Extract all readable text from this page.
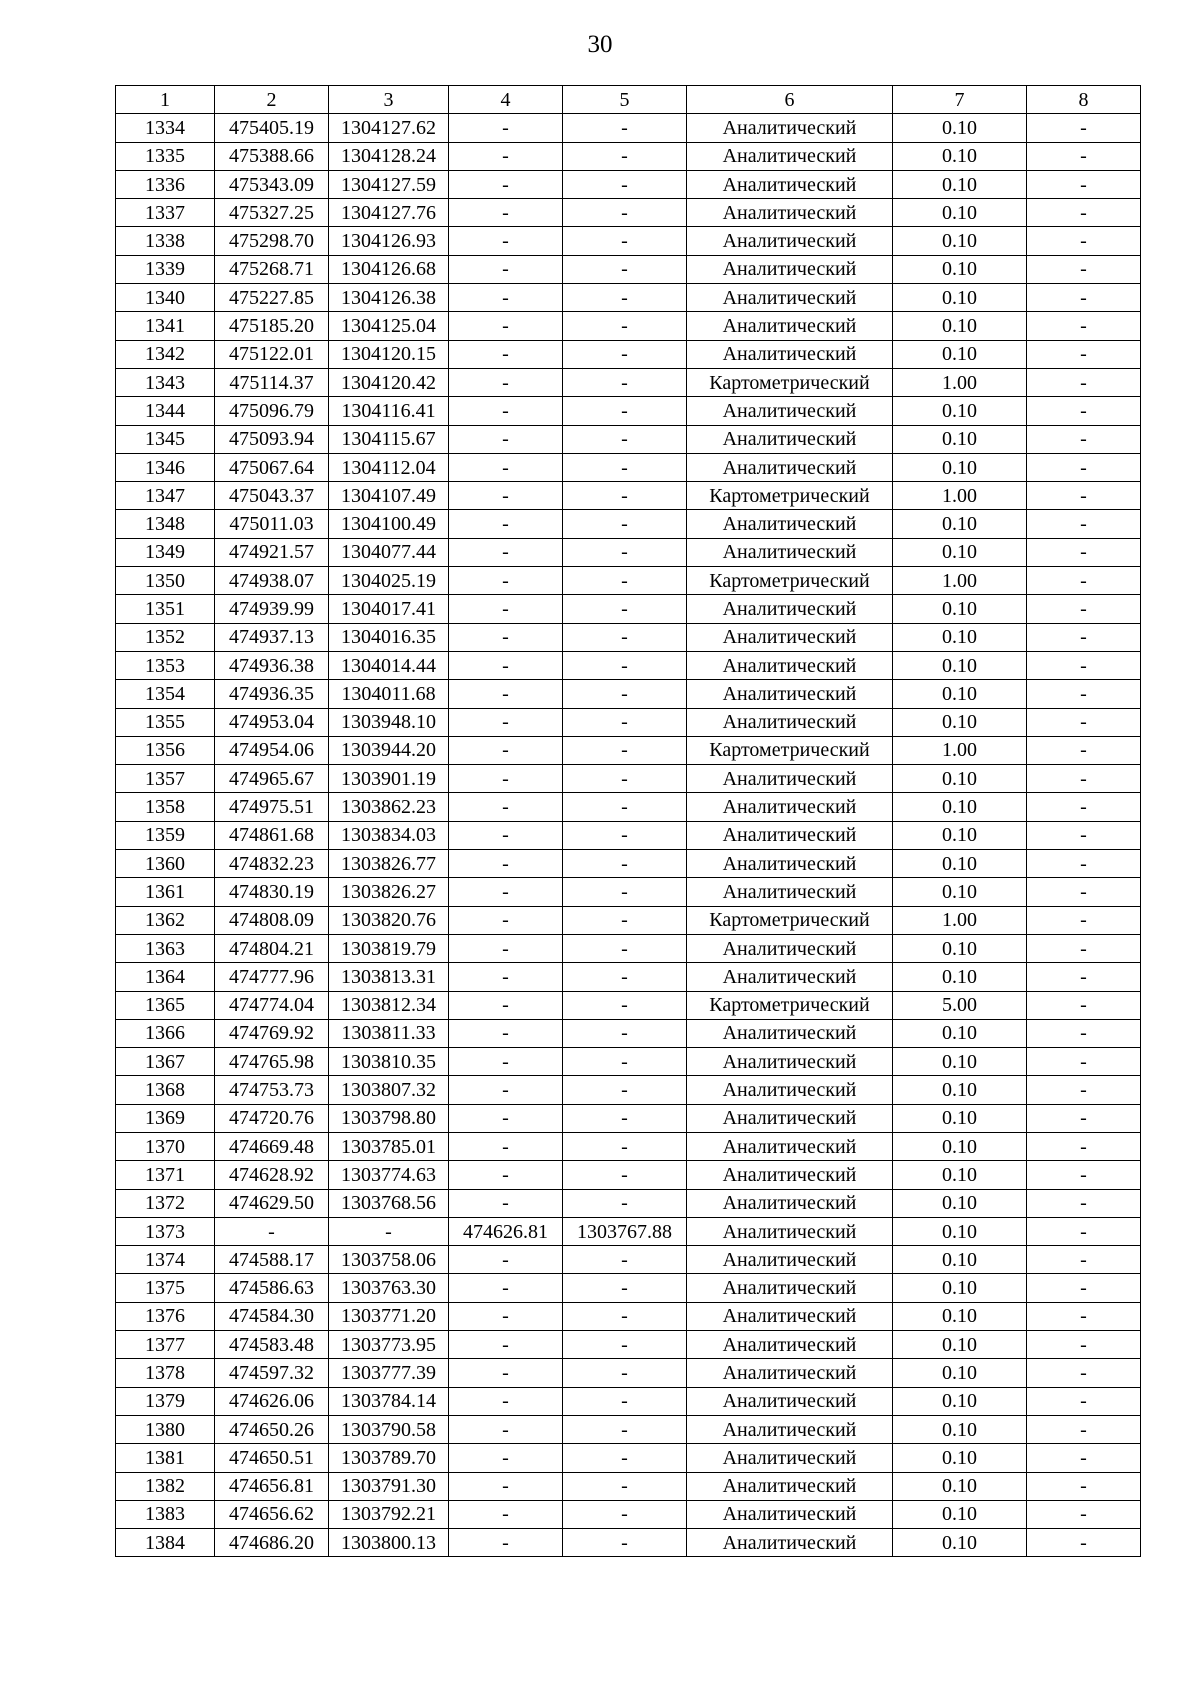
30
1	2	3	4	5	6	7	8
1334	475405.19	1304127.62	-	-	Аналитический	0.10	-
1335	475388.66	1304128.24	-	-	Аналитический	0.10	-
1336	475343.09	1304127.59	-	-	Аналитический	0.10	-
1337	475327.25	1304127.76	-	-	Аналитический	0.10	-
1338	475298.70	1304126.93	-	-	Аналитический	0.10	-
1339	475268.71	1304126.68	-	-	Аналитический	0.10	-
1340	475227.85	1304126.38	-	-	Аналитический	0.10	-
1341	475185.20	1304125.04	-	-	Аналитический	0.10	-
1342	475122.01	1304120.15	-	-	Аналитический	0.10	-
1343	475114.37	1304120.42	-	-	Картометрический	1.00	-
1344	475096.79	1304116.41	-	-	Аналитический	0.10	-
1345	475093.94	1304115.67	-	-	Аналитический	0.10	-
1346	475067.64	1304112.04	-	-	Аналитический	0.10	-
1347	475043.37	1304107.49	-	-	Картометрический	1.00	-
1348	475011.03	1304100.49	-	-	Аналитический	0.10	-
1349	474921.57	1304077.44	-	-	Аналитический	0.10	-
1350	474938.07	1304025.19	-	-	Картометрический	1.00	-
1351	474939.99	1304017.41	-	-	Аналитический	0.10	-
1352	474937.13	1304016.35	-	-	Аналитический	0.10	-
1353	474936.38	1304014.44	-	-	Аналитический	0.10	-
1354	474936.35	1304011.68	-	-	Аналитический	0.10	-
1355	474953.04	1303948.10	-	-	Аналитический	0.10	-
1356	474954.06	1303944.20	-	-	Картометрический	1.00	-
1357	474965.67	1303901.19	-	-	Аналитический	0.10	-
1358	474975.51	1303862.23	-	-	Аналитический	0.10	-
1359	474861.68	1303834.03	-	-	Аналитический	0.10	-
1360	474832.23	1303826.77	-	-	Аналитический	0.10	-
1361	474830.19	1303826.27	-	-	Аналитический	0.10	-
1362	474808.09	1303820.76	-	-	Картометрический	1.00	-
1363	474804.21	1303819.79	-	-	Аналитический	0.10	-
1364	474777.96	1303813.31	-	-	Аналитический	0.10	-
1365	474774.04	1303812.34	-	-	Картометрический	5.00	-
1366	474769.92	1303811.33	-	-	Аналитический	0.10	-
1367	474765.98	1303810.35	-	-	Аналитический	0.10	-
1368	474753.73	1303807.32	-	-	Аналитический	0.10	-
1369	474720.76	1303798.80	-	-	Аналитический	0.10	-
1370	474669.48	1303785.01	-	-	Аналитический	0.10	-
1371	474628.92	1303774.63	-	-	Аналитический	0.10	-
1372	474629.50	1303768.56	-	-	Аналитический	0.10	-
1373	-	-	474626.81	1303767.88	Аналитический	0.10	-
1374	474588.17	1303758.06	-	-	Аналитический	0.10	-
1375	474586.63	1303763.30	-	-	Аналитический	0.10	-
1376	474584.30	1303771.20	-	-	Аналитический	0.10	-
1377	474583.48	1303773.95	-	-	Аналитический	0.10	-
1378	474597.32	1303777.39	-	-	Аналитический	0.10	-
1379	474626.06	1303784.14	-	-	Аналитический	0.10	-
1380	474650.26	1303790.58	-	-	Аналитический	0.10	-
1381	474650.51	1303789.70	-	-	Аналитический	0.10	-
1382	474656.81	1303791.30	-	-	Аналитический	0.10	-
1383	474656.62	1303792.21	-	-	Аналитический	0.10	-
1384	474686.20	1303800.13	-	-	Аналитический	0.10	-
